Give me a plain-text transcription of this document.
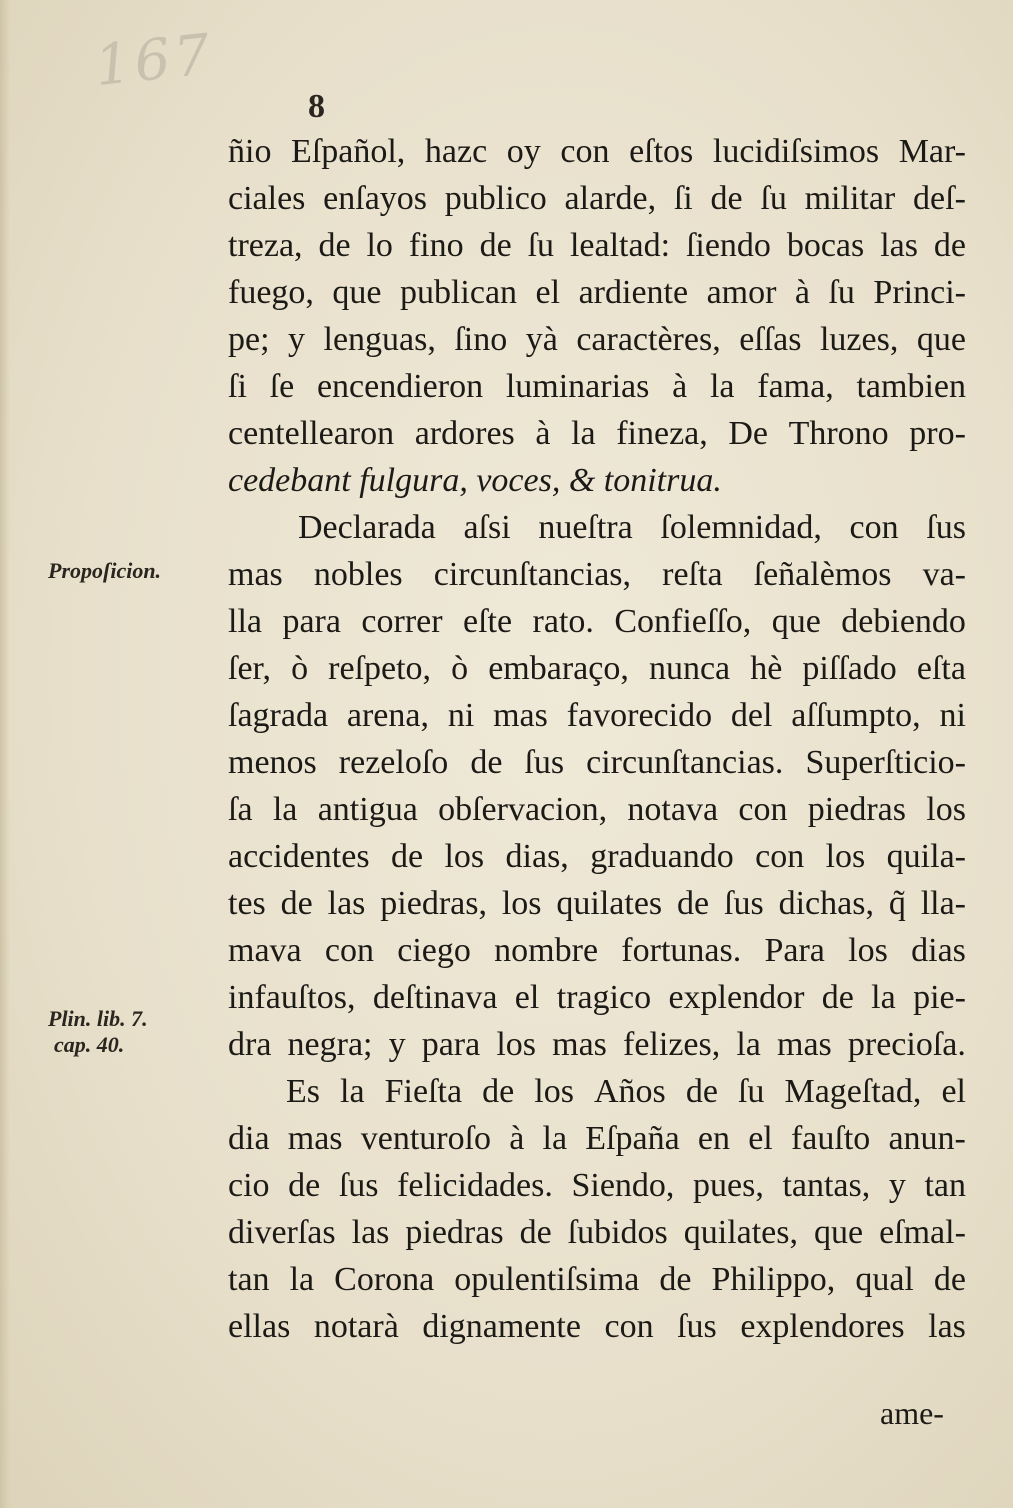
167
8
Propoſicion.
Plin. lib. 7.
cap. 40.
ñio Eſpañol, hazc oy con eſtos lucidiſsimos Mar-
ciales enſayos publico alarde, ſi de ſu militar deſ-
treza, de lo fino de ſu lealtad: ſiendo bocas las de
fuego, que publican el ardiente amor à ſu Princi-
pe; y lenguas, ſino yà caractères, eſſas luzes, que
ſi ſe encendieron luminarias à la fama, tambien
centellearon ardores à la fineza, De Throno pro-
cedebant fulgura, voces, & tonitrua.
Declarada aſsi nueſtra ſolemnidad, con ſus
mas nobles circunſtancias, reſta ſeñalèmos va-
lla para correr eſte rato. Confieſſo, que debiendo
ſer, ò reſpeto, ò embaraço, nunca hè piſſado eſta
ſagrada arena, ni mas favorecido del aſſumpto, ni
menos rezeloſo de ſus circunſtancias. Superſticio-
ſa la antigua obſervacion, notava con piedras los
accidentes de los dias, graduando con los quila-
tes de las piedras, los quilates de ſus dichas, q̃ lla-
mava con ciego nombre fortunas. Para los dias
infauſtos, deſtinava el tragico explendor de la pie-
dra negra; y para los mas felizes, la mas precioſa.
Es la Fieſta de los Años de ſu Mageſtad, el
dia mas venturoſo à la Eſpaña en el fauſto anun-
cio de ſus felicidades. Siendo, pues, tantas, y tan
diverſas las piedras de ſubidos quilates, que eſmal-
tan la Corona opulentiſsima de Philippo, qual de
ellas notarà dignamente con ſus explendores las
ame-
